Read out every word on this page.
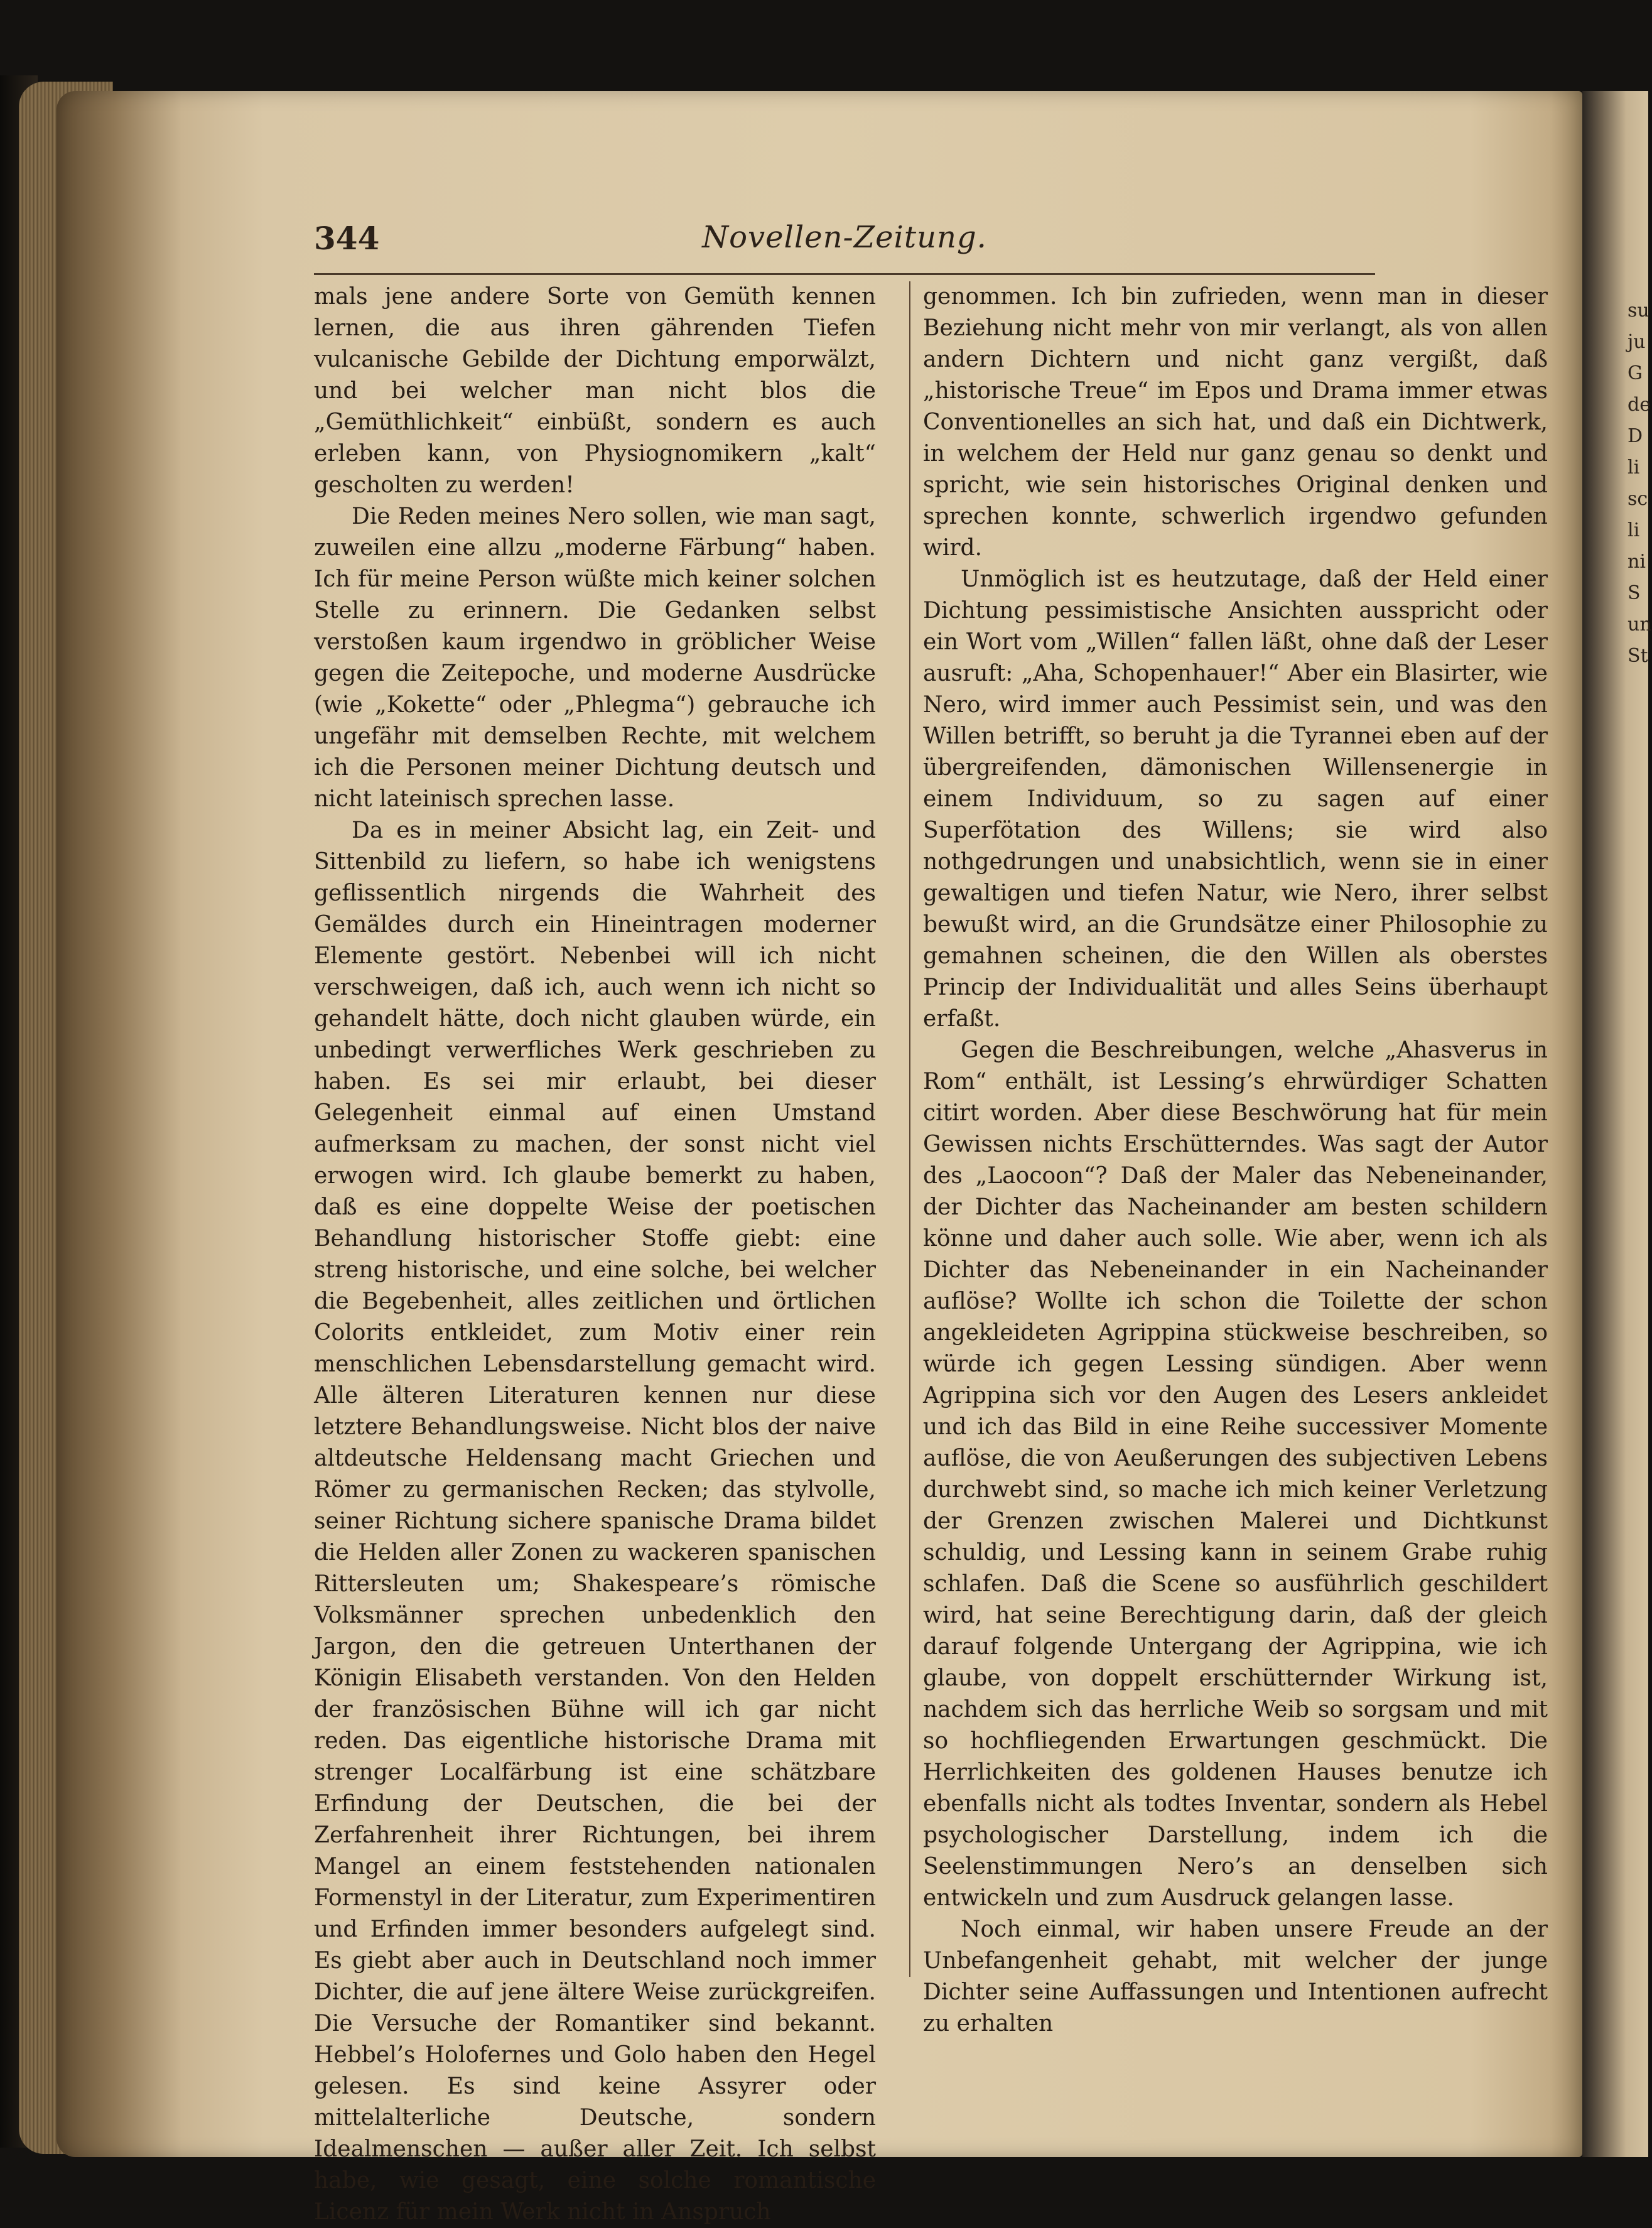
344	Novellen-Zeitung.

mals jene andere Sorte von Gemüth kennen lernen, die aus ihren gährenden Tiefen vulcanische Gebilde der Dichtung emporwälzt, und bei welcher man nicht blos die „Gemüthlichkeit“ einbüßt, sondern es auch erleben kann, von Physiognomikern „kalt“ gescholten zu werden!

Die Reden meines Nero sollen, wie man sagt, zuweilen eine allzu „moderne Färbung“ haben. Ich für meine Person wüßte mich keiner solchen Stelle zu erinnern. Die Gedanken selbst verstoßen kaum irgendwo in gröblicher Weise gegen die Zeitepoche, und moderne Ausdrücke (wie „Kokette“ oder „Phlegma“) gebrauche ich ungefähr mit demselben Rechte, mit welchem ich die Personen meiner Dichtung deutsch und nicht lateinisch sprechen lasse.

Da es in meiner Absicht lag, ein Zeit- und Sittenbild zu liefern, so habe ich wenigstens geflissentlich nirgends die Wahrheit des Gemäldes durch ein Hineintragen moderner Elemente gestört. Nebenbei will ich nicht verschweigen, daß ich, auch wenn ich nicht so gehandelt hätte, doch nicht glauben würde, ein unbedingt verwerfliches Werk geschrieben zu haben. Es sei mir erlaubt, bei dieser Gelegenheit einmal auf einen Umstand aufmerksam zu machen, der sonst nicht viel erwogen wird. Ich glaube bemerkt zu haben, daß es eine doppelte Weise der poetischen Behandlung historischer Stoffe giebt: eine streng historische, und eine solche, bei welcher die Begebenheit, alles zeitlichen und örtlichen Colorits entkleidet, zum Motiv einer rein menschlichen Lebensdarstellung gemacht wird. Alle älteren Literaturen kennen nur diese letztere Behandlungsweise. Nicht blos der naive altdeutsche Heldensang macht Griechen und Römer zu germanischen Recken; das stylvolle, seiner Richtung sichere spanische Drama bildet die Helden aller Zonen zu wackeren spanischen Rittersleuten um; Shakespeare’s römische Volksmänner sprechen unbedenklich den Jargon, den die getreuen Unterthanen der Königin Elisabeth verstanden. Von den Helden der französischen Bühne will ich gar nicht reden. Das eigentliche historische Drama mit strenger Localfärbung ist eine schätzbare Erfindung der Deutschen, die bei der Zerfahrenheit ihrer Richtungen, bei ihrem Mangel an einem feststehenden nationalen Formenstyl in der Literatur, zum Experimentiren und Erfinden immer besonders aufgelegt sind. Es giebt aber auch in Deutschland noch immer Dichter, die auf jene ältere Weise zurückgreifen. Die Versuche der Romantiker sind bekannt. Hebbel’s Holofernes und Golo haben den Hegel gelesen. Es sind keine Assyrer oder mittelalterliche Deutsche, sondern Idealmenschen — außer aller Zeit. Ich selbst habe, wie gesagt, eine solche romantische Licenz für mein Werk nicht in Anspruch

genommen. Ich bin zufrieden, wenn man in dieser Beziehung nicht mehr von mir verlangt, als von allen andern Dichtern und nicht ganz vergißt, daß „historische Treue“ im Epos und Drama immer etwas Conventionelles an sich hat, und daß ein Dichtwerk, in welchem der Held nur ganz genau so denkt und spricht, wie sein historisches Original denken und sprechen konnte, schwerlich irgendwo gefunden wird.

Unmöglich ist es heutzutage, daß der Held einer Dichtung pessimistische Ansichten ausspricht oder ein Wort vom „Willen“ fallen läßt, ohne daß der Leser ausruft: „Aha, Schopenhauer!“ Aber ein Blasirter, wie Nero, wird immer auch Pessimist sein, und was den Willen betrifft, so beruht ja die Tyrannei eben auf der übergreifenden, dämonischen Willensenergie in einem Individuum, so zu sagen auf einer Superfötation des Willens; sie wird also nothgedrungen und unabsichtlich, wenn sie in einer gewaltigen und tiefen Natur, wie Nero, ihrer selbst bewußt wird, an die Grundsätze einer Philosophie zu gemahnen scheinen, die den Willen als oberstes Princip der Individualität und alles Seins überhaupt erfaßt.

Gegen die Beschreibungen, welche „Ahasverus in Rom“ enthält, ist Lessing’s ehrwürdiger Schatten citirt worden. Aber diese Beschwörung hat für mein Gewissen nichts Erschütterndes. Was sagt der Autor des „Laocoon“? Daß der Maler das Nebeneinander, der Dichter das Nacheinander am besten schildern könne und daher auch solle. Wie aber, wenn ich als Dichter das Nebeneinander in ein Nacheinander auflöse? Wollte ich schon die Toilette der schon angekleideten Agrippina stückweise beschreiben, so würde ich gegen Lessing sündigen. Aber wenn Agrippina sich vor den Augen des Lesers ankleidet und ich das Bild in eine Reihe successiver Momente auflöse, die von Aeußerungen des subjectiven Lebens durchwebt sind, so mache ich mich keiner Verletzung der Grenzen zwischen Malerei und Dichtkunst schuldig, und Lessing kann in seinem Grabe ruhig schlafen. Daß die Scene so ausführlich geschildert wird, hat seine Berechtigung darin, daß der gleich darauf folgende Untergang der Agrippina, wie ich glaube, von doppelt erschütternder Wirkung ist, nachdem sich das herrliche Weib so sorgsam und mit so hochfliegenden Erwartungen geschmückt. Die Herrlichkeiten des goldenen Hauses benutze ich ebenfalls nicht als todtes Inventar, sondern als Hebel psychologischer Darstellung, indem ich die Seelenstimmungen Nero’s an denselben sich entwickeln und zum Ausdruck gelangen lasse.

Noch einmal, wir haben unsere Freude an der Unbefangenheit gehabt, mit welcher der junge Dichter seine Auffassungen und Intentionen aufrecht zu erhalten

su
ju
G
de
D
li
sc
li
ni
S
un
St
